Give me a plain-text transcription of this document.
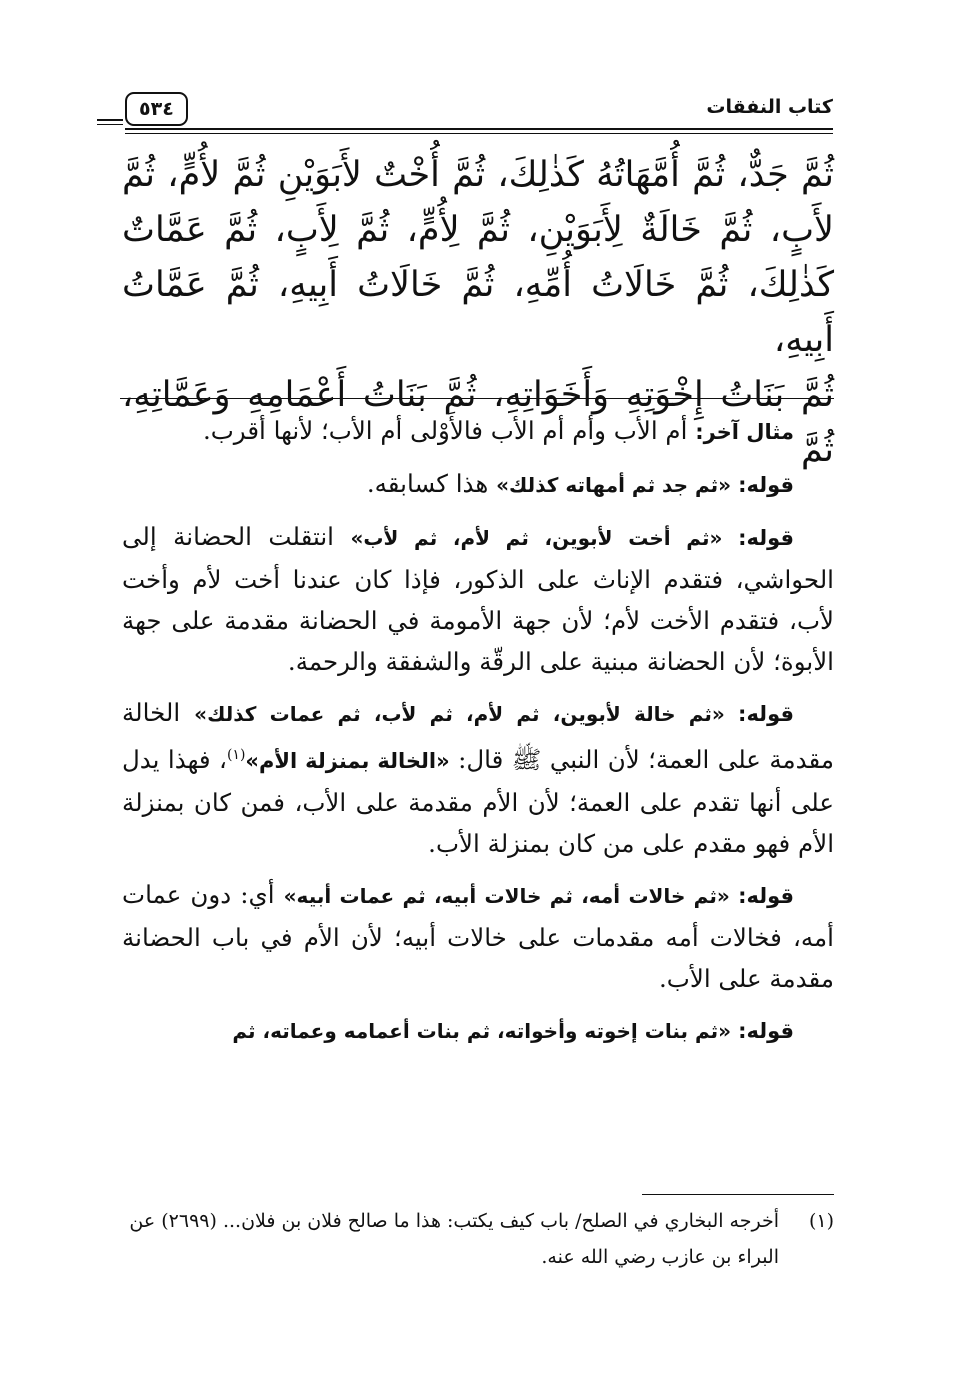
كتاب النفقات
٥٣٤

ثُمَّ جَدٌّ، ثُمَّ أُمَّهَاتُهُ كَذٰلِكَ، ثُمَّ أُخْتٌ لأَبَوَيْنِ ثُمَّ لأُمٍّ، ثُمَّ

لأَبٍ، ثُمَّ خَالَةٌ لِأَبَوَيْنِ، ثُمَّ لِأُمٍّ، ثُمَّ لِأَبٍ، ثُمَّ عَمَّاتٌ

كَذٰلِكَ، ثُمَّ خَالَاتُ أُمِّهِ، ثُمَّ خَالَاتُ أَبِيهِ، ثُمَّ عَمَّاتُ أَبِيهِ،

ثُمَّ بَنَاتُ إِخْوَتِهِ وَأَخَوَاتِهِ، ثُمَّ بَنَاتُ أَعْمَامِهِ وَعَمَّاتِهِ، ثُمَّ

مثال آخر: أم الأب وأم أم الأب فالأَوْلى أم الأب؛ لأنها أقرب.

قوله: «ثم جد ثم أمهاته كذلك» هذا كسابقه.

قوله: «ثم أخت لأبوين، ثم لأم، ثم لأب» انتقلت الحضانة إلى الحواشي، فتقدم الإناث على الذكور، فإذا كان عندنا أخت لأم وأخت لأب، فتقدم الأخت لأم؛ لأن جهة الأمومة في الحضانة مقدمة على جهة الأبوة؛ لأن الحضانة مبنية على الرقّة والشفقة والرحمة.

قوله: «ثم خالة لأبوين، ثم لأم، ثم لأب، ثم عمات كذلك» الخالة مقدمة على العمة؛ لأن النبي ﷺ قال: «الخالة بمنزلة الأم»$^{(١)}$، فهذا يدل على أنها تقدم على العمة؛ لأن الأم مقدمة على الأب، فمن كان بمنزلة الأم فهو مقدم على من كان بمنزلة الأب.

قوله: «ثم خالات أمه، ثم خالات أبيه، ثم عمات أبيه» أي: دون عمات أمه، فخالات أمه مقدمات على خالات أبيه؛ لأن الأم في باب الحضانة مقدمة على الأب.

قوله: «ثم بنات إخوته وأخواته، ثم بنات أعمامه وعماته، ثم

(١)
أخرجه البخاري في الصلح/ باب كيف يكتب: هذا ما صالح فلان بن فلان... (٢٦٩٩) عن البراء بن عازب رضي الله عنه.
